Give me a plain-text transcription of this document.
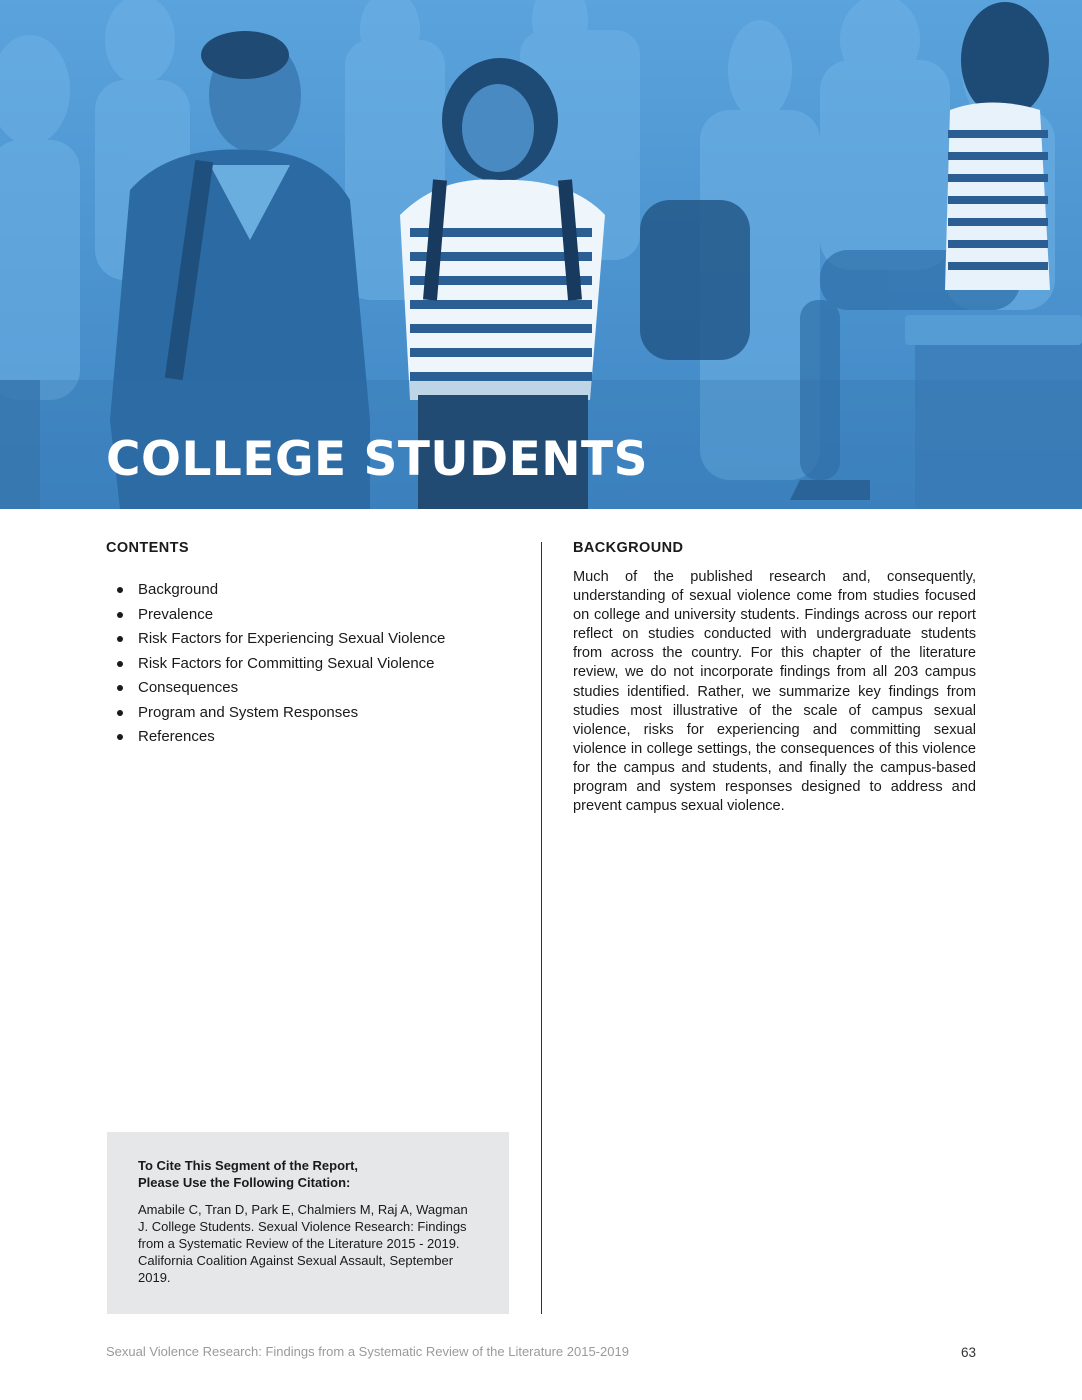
COLLEGE STUDENTS
CONTENTS
Background
Prevalence
Risk Factors for Experiencing Sexual Violence
Risk Factors for Committing Sexual Violence
Consequences
Program and System Responses
References
BACKGROUND

Much of the published research and, consequently, understanding of sexual violence come from studies focused on college and university students. Findings across our report reflect on studies conducted with undergraduate students from across the country. For this chapter of the literature review, we do not incorporate findings from all 203 campus studies identified. Rather, we summarize key findings from studies most illustrative of the scale of campus sexual violence, risks for experiencing and committing sexual violence in college settings, the consequences of this violence for the campus and students, and finally the campus-based program and system responses designed to address and prevent campus sexual violence.

To Cite This Segment of the Report,
Please Use the Following Citation:

Amabile C, Tran D, Park E, Chalmiers M, Raj A, Wagman J. College Students. Sexual Violence Research: Findings from a Systematic Review of the Literature 2015 - 2019. California Coalition Against Sexual Assault, September 2019.

Sexual Violence Research: Findings from a Systematic Review of the Literature 2015-2019	63
